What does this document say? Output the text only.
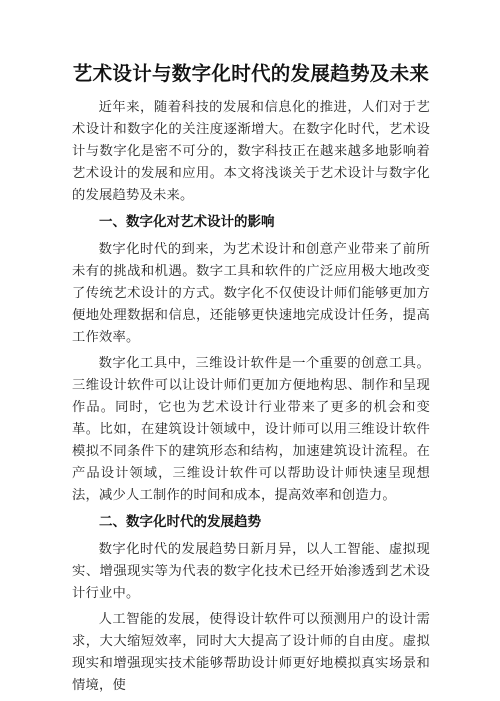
艺术设计与数字化时代的发展趋势及未来

近年来，随着科技的发展和信息化的推进，人们对于艺术设计和数字化的关注度逐渐增大。在数字化时代，艺术设计与数字化是密不可分的，数字科技正在越来越多地影响着艺术设计的发展和应用。本文将浅谈关于艺术设计与数字化的发展趋势及未来。

一、数字化对艺术设计的影响

数字化时代的到来，为艺术设计和创意产业带来了前所未有的挑战和机遇。数字工具和软件的广泛应用极大地改变了传统艺术设计的方式。数字化不仅使设计师们能够更加方便地处理数据和信息，还能够更快速地完成设计任务，提高工作效率。

数字化工具中，三维设计软件是一个重要的创意工具。三维设计软件可以让设计师们更加方便地构思、制作和呈现作品。同时，它也为艺术设计行业带来了更多的机会和变革。比如，在建筑设计领域中，设计师可以用三维设计软件模拟不同条件下的建筑形态和结构，加速建筑设计流程。在产品设计领域，三维设计软件可以帮助设计师快速呈现想法，减少人工制作的时间和成本，提高效率和创造力。

二、数字化时代的发展趋势

数字化时代的发展趋势日新月异，以人工智能、虚拟现实、增强现实等为代表的数字化技术已经开始渗透到艺术设计行业中。

人工智能的发展，使得设计软件可以预测用户的设计需求，大大缩短效率，同时大大提高了设计师的自由度。虚拟现实和增强现实技术能够帮助设计师更好地模拟真实场景和情境，使
